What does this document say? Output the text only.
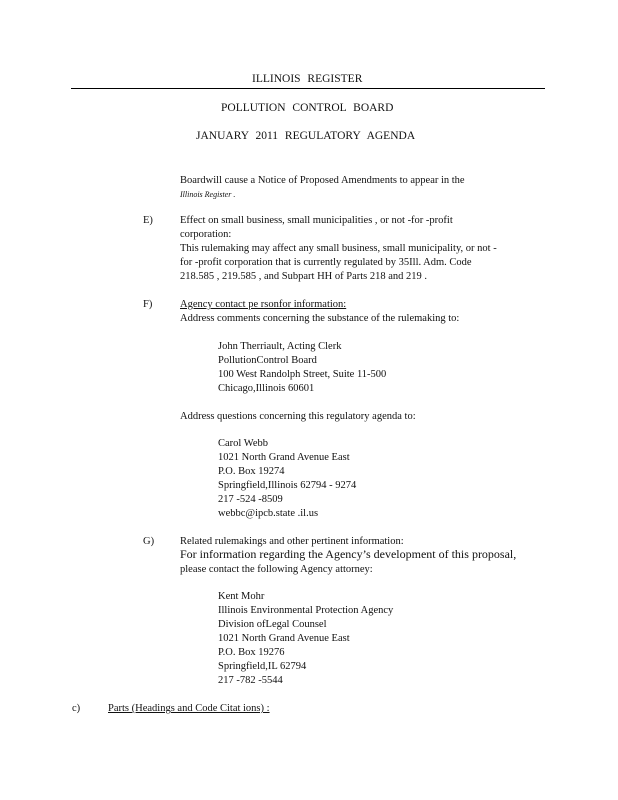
ILLINOIS REGISTER
POLLUTION CONTROL BOARD
JANUARY 2011 REGULATORY AGENDA
Boardwill cause a Notice of Proposed Amendments to appear in the
Illinois Register .
E)	Effect on small business, small municipalities , or not -for -profit
corporation:
This rulemaking may affect any small business, small municipality, or not -
for -profit corporation that is currently regulated by 35Ill. Adm. Code
218.585 , 219.585 , and Subpart HH of Parts 218 and 219 .
F)	Agency contact pe rsonfor information:
Address comments concerning the substance of the rulemaking to:
John Therriault, Acting Clerk
PollutionControl Board
100 West Randolph Street, Suite 11-500
Chicago,Illinois 60601
Address questions concerning this regulatory agenda to:
Carol Webb
1021 North Grand Avenue East
P.O. Box 19274
Springfield,Illinois 62794 - 9274
217 -524 -8509
webbc@ipcb.state .il.us
G) Related rulemakings and other pertinent information:
For information regarding the Agency’s development of this proposal,
please contact the following Agency attorney:
Kent Mohr
Illinois Environmental Protection Agency
Division ofLegal Counsel
1021 North Grand Avenue East
P.O. Box 19276
Springfield,IL 62794
217 -782 -5544
c)	Parts (Headings and Code Citat ions) :
